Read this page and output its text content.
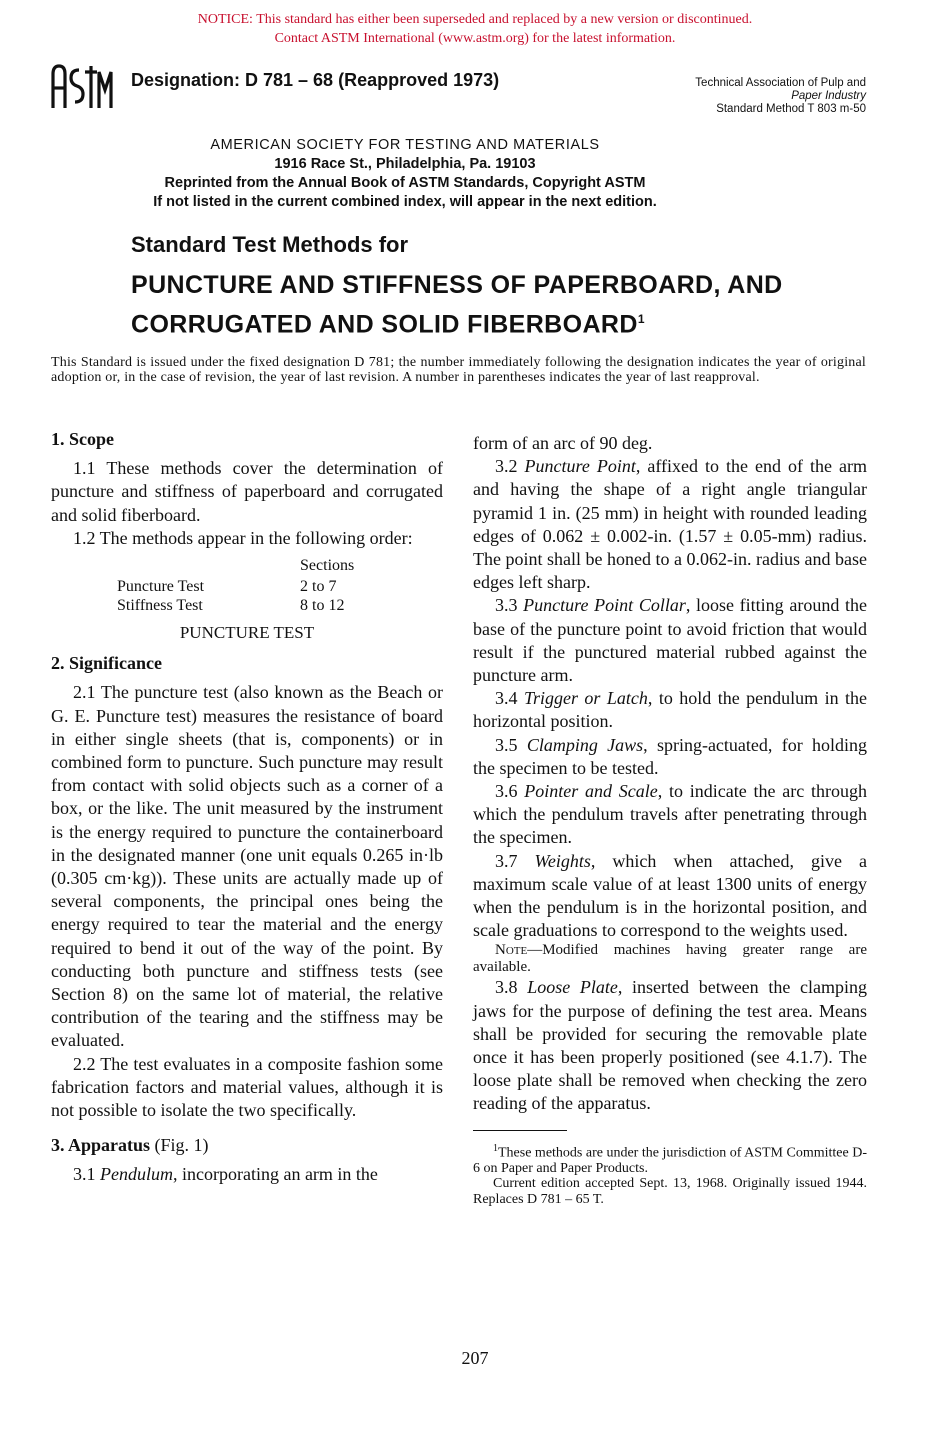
NOTICE: This standard has either been superseded and replaced by a new version or discontinued.
Contact ASTM International (www.astm.org) for the latest information.
Designation: D 781 – 68 (Reapproved 1973)	Technical Association of Pulp and
Paper Industry
Standard Method T 803 m-50
AMERICAN SOCIETY FOR TESTING AND MATERIALS
1916 Race St., Philadelphia, Pa. 19103
Reprinted from the Annual Book of ASTM Standards, Copyright ASTM
If not listed in the current combined index, will appear in the next edition.
Standard Test Methods for
PUNCTURE AND STIFFNESS OF PAPERBOARD, AND
CORRUGATED AND SOLID FIBERBOARD$^1$
This Standard is issued under the fixed designation D 781; the number immediately following the designation indicates the year of original adoption or, in the case of revision, the year of last revision. A number in parentheses indicates the year of last reapproval.
1. Scope

1.1 These methods cover the determination of puncture and stiffness of paperboard and corrugated and solid fiberboard.

1.2 The methods appear in the following order:

	Sections
Puncture Test	2 to 7
Stiffness Test	8 to 12
PUNCTURE TEST
2. Significance

2.1 The puncture test (also known as the Beach or G. E. Puncture test) measures the resistance of board in either single sheets (that is, components) or in combined form to puncture. Such puncture may result from contact with solid objects such as a corner of a box, or the like. The unit measured by the instrument is the energy required to puncture the containerboard in the designated manner (one unit equals 0.265 in·lb (0.305 cm·kg)). These units are actually made up of several components, the principal ones being the energy required to tear the material and the energy required to bend it out of the way of the point. By conducting both puncture and stiffness tests (see Section 8) on the same lot of material, the relative contribution of the tearing and the stiffness may be evaluated.

2.2 The test evaluates in a composite fashion some fabrication factors and material values, although it is not possible to isolate the two specifically.

3. Apparatus (Fig. 1)

3.1 Pendulum, incorporating an arm in the

form of an arc of 90 deg.

3.2 Puncture Point, affixed to the end of the arm and having the shape of a right angle triangular pyramid 1 in. (25 mm) in height with rounded leading edges of 0.062 ± 0.002-in. (1.57 ± 0.05-mm) radius. The point shall be honed to a 0.062-in. radius and base edges left sharp.

3.3 Puncture Point Collar, loose fitting around the base of the puncture point to avoid friction that would result if the punctured material rubbed against the puncture arm.

3.4 Trigger or Latch, to hold the pendulum in the horizontal position.

3.5 Clamping Jaws, spring-actuated, for holding the specimen to be tested.

3.6 Pointer and Scale, to indicate the arc through which the pendulum travels after penetrating through the specimen.

3.7 Weights, which when attached, give a maximum scale value of at least 1300 units of energy when the pendulum is in the horizontal position, and scale graduations to correspond to the weights used.

Note—Modified machines having greater range are available.

3.8 Loose Plate, inserted between the clamping jaws for the purpose of defining the test area. Means shall be provided for securing the removable plate once it has been properly positioned (see 4.1.7). The loose plate shall be removed when checking the zero reading of the apparatus.

$^1$These methods are under the jurisdiction of ASTM Committee D-6 on Paper and Paper Products.

Current edition accepted Sept. 13, 1968. Originally issued 1944. Replaces D 781 – 65 T.

207
